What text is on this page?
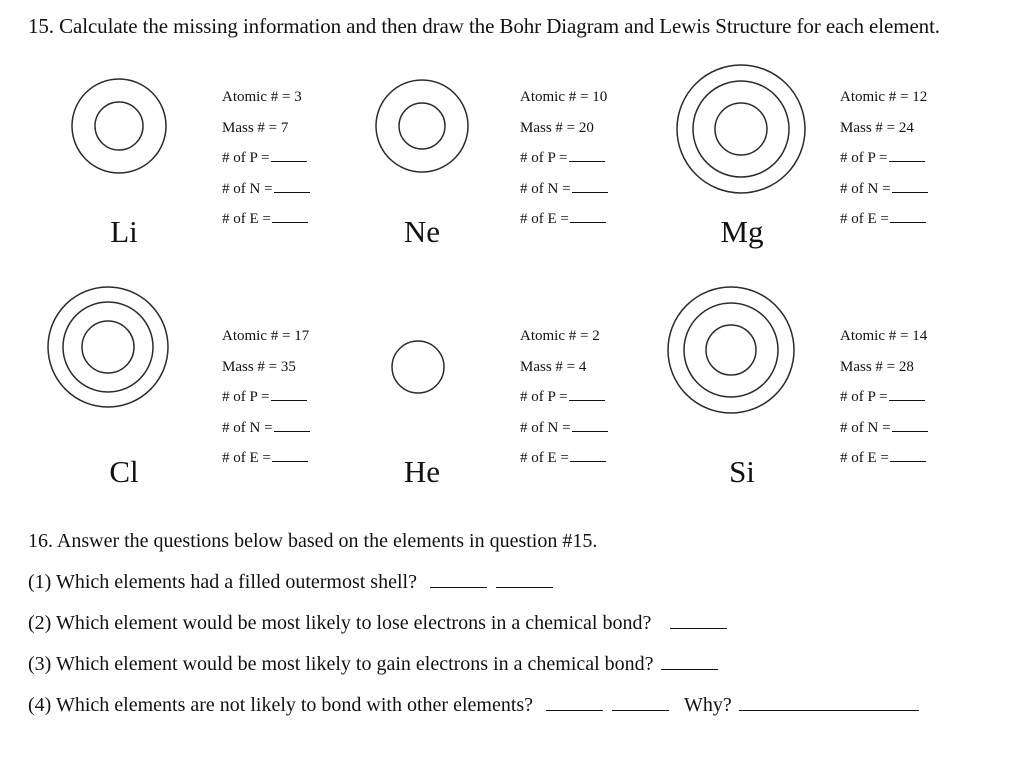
15. Calculate the missing information and then draw the Bohr Diagram and Lewis Structure for each element.
Li
Atomic # = 3
Mass # = 7
# of P =
# of N =
# of E =	Ne
Atomic # = 10
Mass # = 20
# of P =
# of N =
# of E =	Mg
Atomic # = 12
Mass # = 24
# of P =
# of N =
# of E =
Cl
Atomic # = 17
Mass # = 35
# of P =
# of N =
# of E =	He
Atomic # = 2
Mass # = 4
# of P =
# of N =
# of E =	Si
Atomic # = 14
Mass # = 28
# of P =
# of N =
# of E =
16. Answer the questions below based on the elements in question #15.
(1) Which elements had a filled outermost shell?
(2) Which element would be most likely to lose electrons in a chemical bond?
(3) Which element would be most likely to gain electrons in a chemical bond?
(4) Which elements are not likely to bond with other elements?	Why?
